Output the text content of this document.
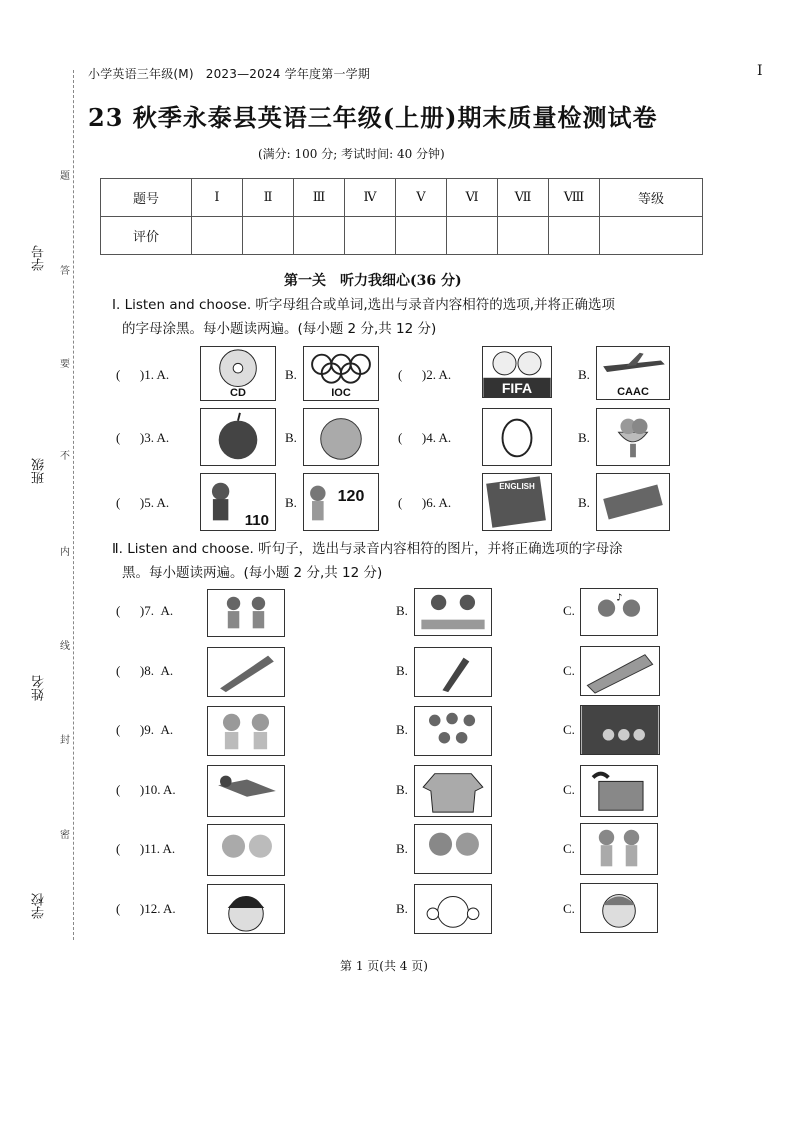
学号
班级
姓名
学校
题
答
要
不
内
线
封
密
小学英语三年级(M) 2023—2024 学年度第一学期	I
23 秋季永泰县英语三年级(上册)期末质量检测试卷
(满分: 100 分; 考试时间: 40 分钟)
题号	Ⅰ	Ⅱ	Ⅲ	Ⅳ	Ⅴ	Ⅵ	Ⅶ	Ⅷ	等级
评价									
第一关　听力我细心(36 分)
Ⅰ. Listen and choose. 听字母组合或单词,选出与录音内容相符的选项,并将正确选项
的字母涂黑。每小题读两遍。(每小题 2 分,共 12 分)
( )1. A.
CD
B.
IOC
( )2. A.
FIFA
B.
CAAC
( )3. A.	B.	( )4. A.	B.
( )5. A.
110
B.	120	( )6. A.
ENGLISH
B.
Ⅱ. Listen and choose. 听句子，选出与录音内容相符的图片，并将正确选项的字母涂
黑。每小题读两遍。(每小题 2 分,共 12 分)
( )7. A.	B.	C.
♪
( )8. A.	B.	C.
( )9. A.	B.	C.
( )10. A.	B.	C.
( )11. A.	B.	C.
( )12. A.	B.	C.
第 1 页(共 4 页)
